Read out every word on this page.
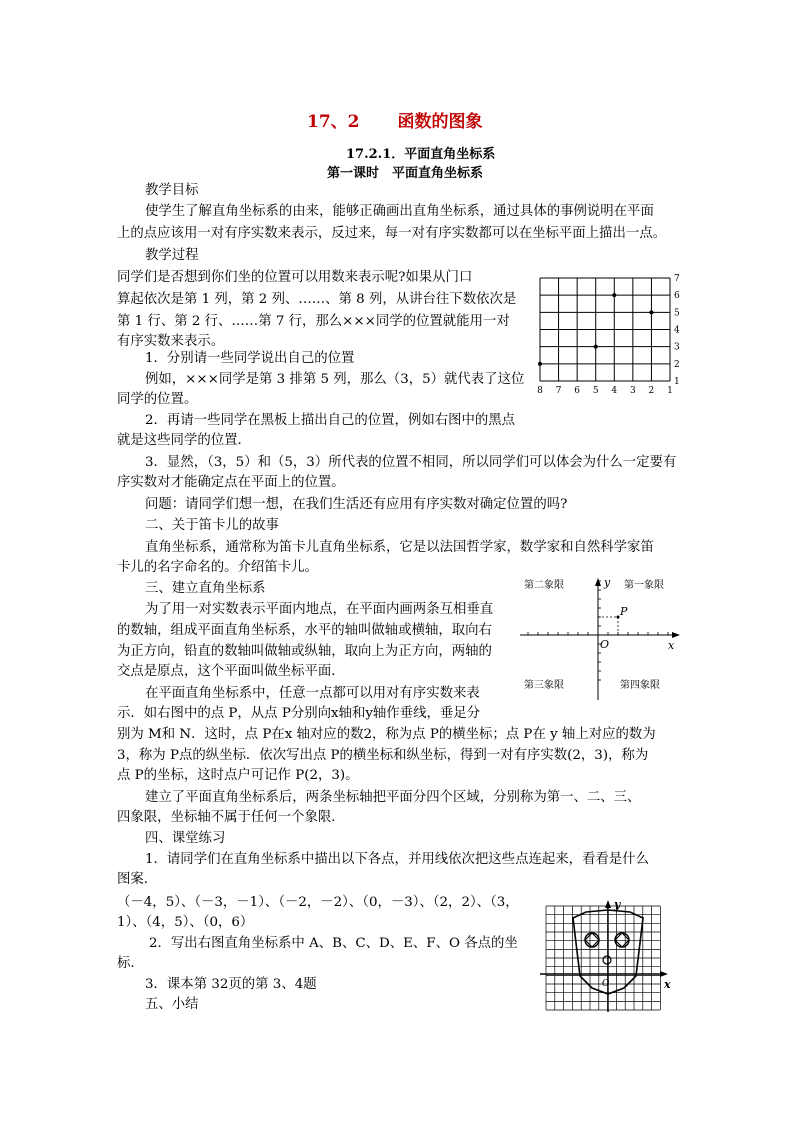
17、2 函数的图象
17.2.1．平面直角坐标系
第一课时　平面直角坐标系
教学目标
使学生了解直角坐标系的由来，能够正确画出直角坐标系，通过具体的事例说明在平面
上的点应该用一对有序实数来表示，反过来，每一对有序实数都可以在坐标平面上描出一点。
教学过程
同学们是否想到你们坐的位置可以用数来表示呢?如果从门口
算起依次是第 1 列，第 2 列、……、第 8 列，从讲台往下数依次是
第 1 行、第 2 行、……第 7 行，那么×××同学的位置就能用一对
有序实数来表示。
1．分别请一些同学说出自己的位置
例如，×××同学是第 3 排第 5 列，那么（3，5）就代表了这位
同学的位置。
2．再请一些同学在黑板上描出自己的位置，例如右图中的黑点
就是这些同学的位置．
3．显然，（3，5）和（5，3）所代表的位置不相同，所以同学们可以体会为什么一定要有
序实数对才能确定点在平面上的位置。
问题：请同学们想一想，在我们生活还有应用有序实数对确定位置的吗?
二、关于笛卡儿的故事
直角坐标系，通常称为笛卡儿直角坐标系，它是以法国哲学家，数学家和自然科学家笛
卡儿的名字命名的。介绍笛卡儿。
三、建立直角坐标系
为了用一对实数表示平面内地点，在平面内画两条互相垂直
的数轴，组成平面直角坐标系，水平的轴叫做轴或横轴，取向右
为正方向，铅直的数轴叫做轴或纵轴，取向上为正方向，两轴的
交点是原点，这个平面叫做坐标平面．
在平面直角坐标系中，任意一点都可以用对有序实数来表
示．如右图中的点 P，从点 P分别向x轴和y轴作垂线，垂足分
别为 M和 N．这时，点 P在x 轴对应的数2，称为点 P的横坐标；点 P在 y 轴上对应的数为
3，称为 P点的纵坐标．依次写出点 P的横坐标和纵坐标，得到一对有序实数(2，3)，称为
点 P的坐标，这时点户可记作 P(2，3)。
建立了平面直角坐标系后，两条坐标轴把平面分四个区域，分别称为第一、二、三、
四象限，坐标轴不属于任何一个象限．
四、课堂练习
1．请同学们在直角坐标系中描出以下各点，并用线依次把这些点连起来，看看是什么
图案．
（－4，5）、（－3，－1）、（－2，－2）、（0，－3）、（2，2）、（3，
1）、（4，5）、（0，6）
2．写出右图直角坐标系中 A、B、C、D、E、F、O 各点的坐
标．
3．课本第 32页的第 3、4题
五、小结
8 7 6 5 4 3 2 1
7
6
5
4
3
2
1
P
第二象限	第一象限
第三象限	第四象限
y
x
O
y
x
O
